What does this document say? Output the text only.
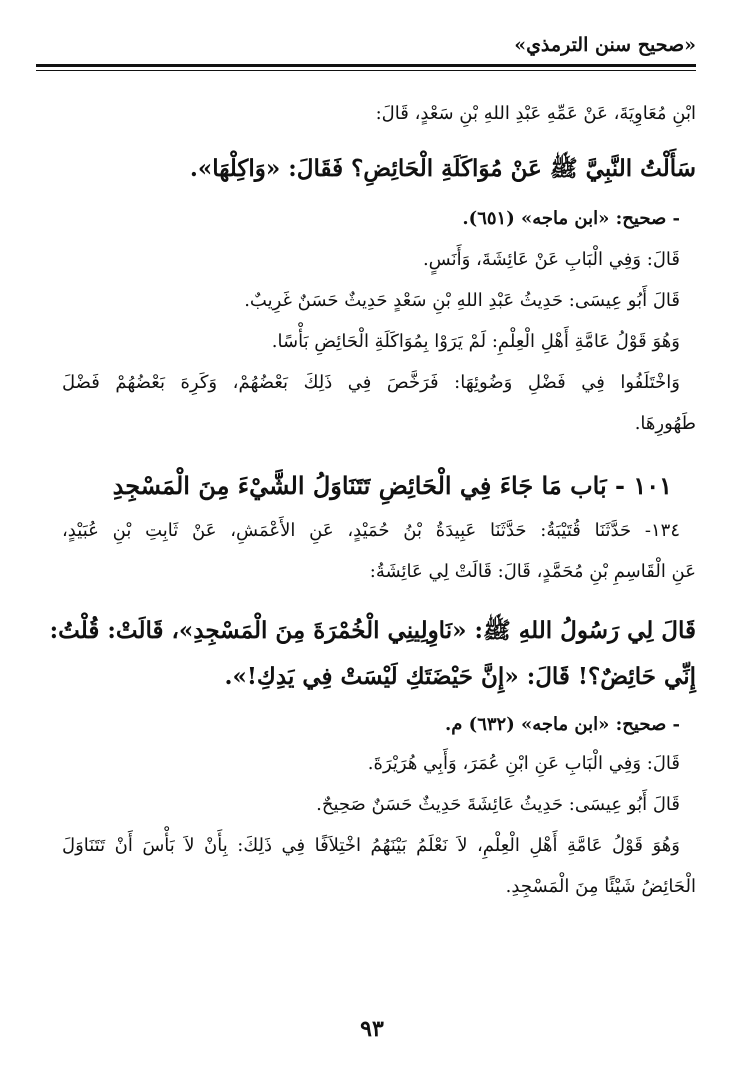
«صحيح سنن الترمذي»
ابْنِ مُعَاوِيَةَ، عَنْ عَمِّهِ عَبْدِ اللهِ بْنِ سَعْدٍ، قَالَ:
سَأَلْتُ النَّبِيَّ ﷺ عَنْ مُوَاكَلَةِ الْحَائِضِ؟ فَقَالَ: «وَاكِلْهَا».
- صحيح: «ابن ماجه» (٦٥١).
قَالَ: وَفِي الْبَابِ عَنْ عَائِشَةَ، وَأَنَسٍ.
قَالَ أَبُو عِيسَى: حَدِيثُ عَبْدِ اللهِ بْنِ سَعْدٍ حَدِيثٌ حَسَنٌ غَرِيبٌ.
وَهُوَ قَوْلُ عَامَّةِ أَهْلِ الْعِلْمِ: لَمْ يَرَوْا بِمُوَاكَلَةِ الْحَائِضِ بَأْسًا.
وَاخْتَلَفُوا فِي فَضْلِ وَضُوئِهَا: فَرَخَّصَ فِي ذَلِكَ بَعْضُهُمْ، وَكَرِهَ بَعْضُهُمْ فَضْلَ
طَهُورِهَا.
١٠١ - بَاب مَا جَاءَ فِي الْحَائِضِ تَتَنَاوَلُ الشَّيْءَ مِنَ الْمَسْجِدِ
١٣٤- حَدَّثَنَا قُتَيْبَةُ: حَدَّثَنَا عَبِيدَةُ بْنُ حُمَيْدٍ، عَنِ الأَعْمَشِ، عَنْ ثَابِتِ بْنِ عُبَيْدٍ،
عَنِ الْقَاسِمِ بْنِ مُحَمَّدٍ، قَالَ: قَالَتْ لِي عَائِشَةُ:
قَالَ لِي رَسُولُ اللهِ ﷺ: «نَاوِلِينِي الْخُمْرَةَ مِنَ الْمَسْجِدِ»، قَالَتْ: قُلْتُ:
إِنِّي حَائِضٌ؟! قَالَ: «إِنَّ حَيْضَتَكِ لَيْسَتْ فِي يَدِكِ!».
- صحيح: «ابن ماجه» (٦٣٢) م.
قَالَ: وَفِي الْبَابِ عَنِ ابْنِ عُمَرَ، وَأَبِي هُرَيْرَةَ.
قَالَ أَبُو عِيسَى: حَدِيثُ عَائِشَةَ حَدِيثٌ حَسَنٌ صَحِيحٌ.
وَهُوَ قَوْلُ عَامَّةِ أَهْلِ الْعِلْمِ، لاَ نَعْلَمُ بَيْنَهُمُ اخْتِلاَفًا فِي ذَلِكَ: بِأَنْ لاَ بَأْسَ أَنْ تَتَنَاوَلَ
الْحَائِضُ شَيْئًا مِنَ الْمَسْجِدِ.
٩٣
